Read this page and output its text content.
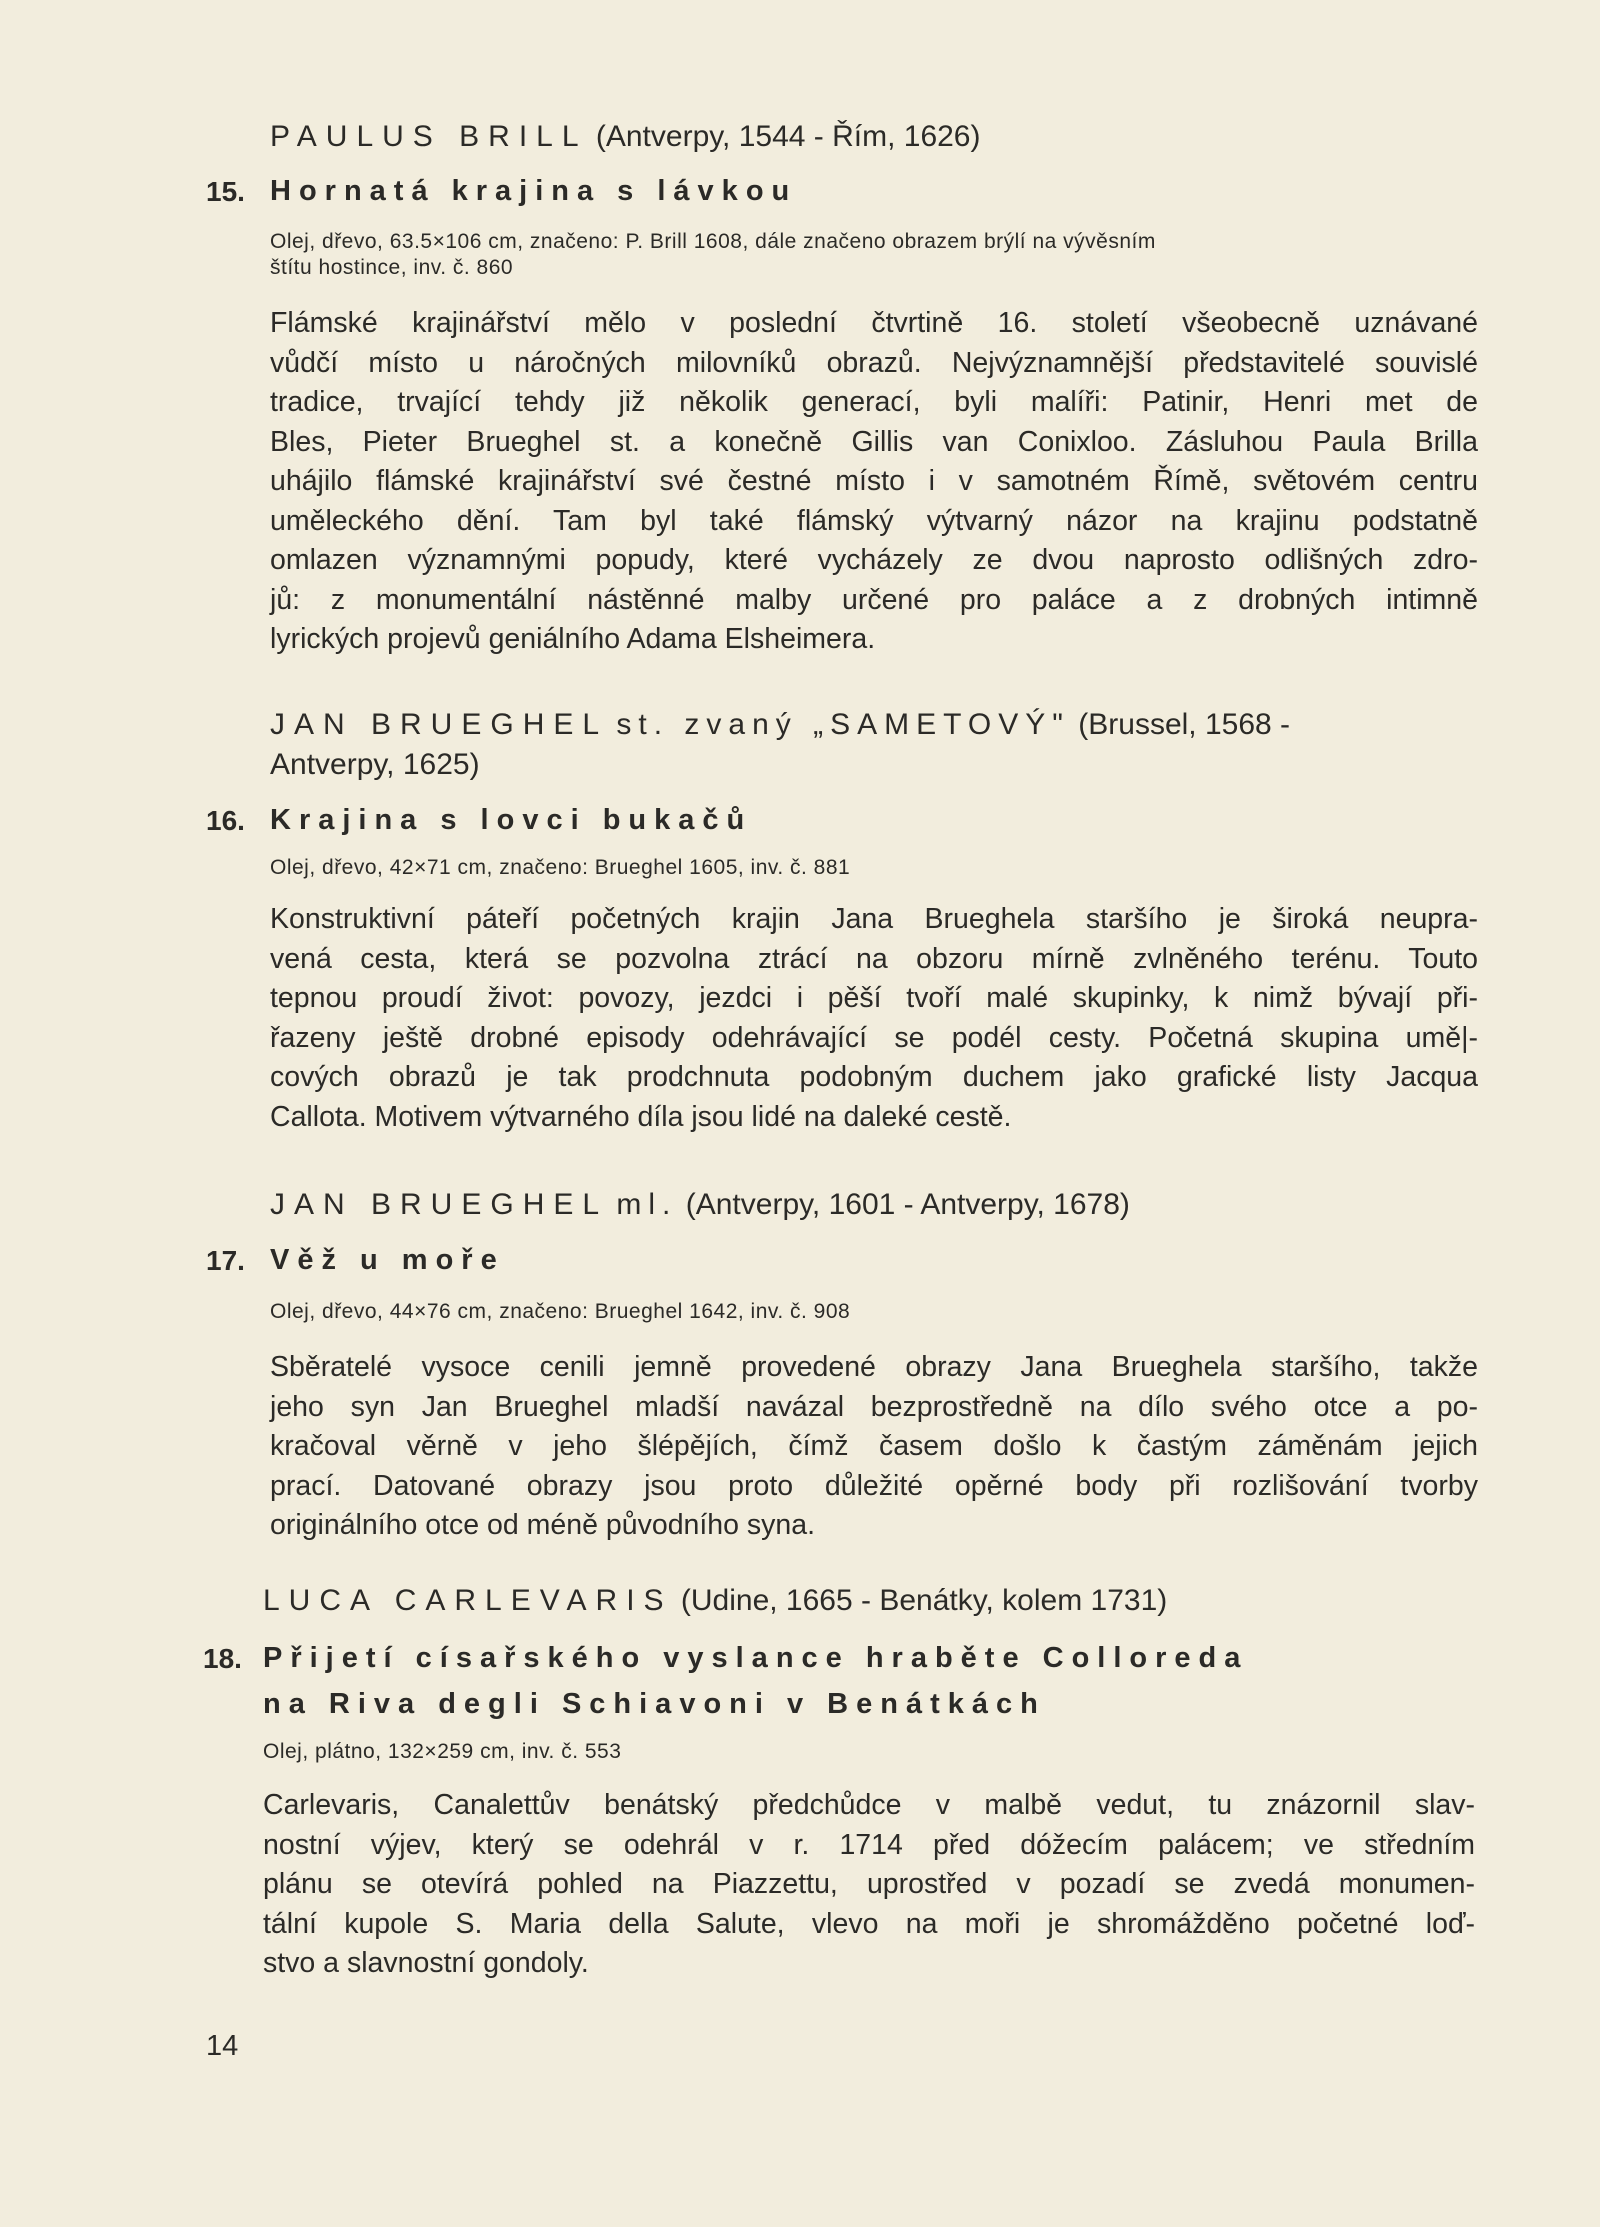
PAULUS BRILL (Antverpy, 1544 - Řím, 1626)
15. Hornatá krajina s lávkou
Olej, dřevo, 63.5×106 cm, značeno: P. Brill 1608, dále značeno obrazem brýlí na vývěsním
štítu hostince, inv. č. 860
Flámské krajinářství mělo v poslední čtvrtině 16. století všeobecně uznávané
vůdčí místo u náročných milovníků obrazů. Nejvýznamnější představitelé souvislé
tradice, trvající tehdy již několik generací, byli malíři: Patinir, Henri met de
Bles, Pieter Brueghel st. a konečně Gillis van Conixloo. Zásluhou Paula Brilla
uhájilo flámské krajinářství své čestné místo i v samotném Římě, světovém centru
uměleckého dění. Tam byl také flámský výtvarný názor na krajinu podstatně
omlazen významnými popudy, které vycházely ze dvou naprosto odlišných zdro-
jů: z monumentální nástěnné malby určené pro paláce a z drobných intimně
lyrických projevů geniálního Adama Elsheimera.
JAN BRUEGHEL st. zvaný „SAMETOVÝ" (Brussel, 1568 -
Antverpy, 1625)
16. Krajina s lovci bukačů
Olej, dřevo, 42×71 cm, značeno: Brueghel 1605, inv. č. 881
Konstruktivní páteří početných krajin Jana Brueghela staršího je široká neupra-
vená cesta, která se pozvolna ztrácí na obzoru mírně zvlněného terénu. Touto
tepnou proudí život: povozy, jezdci i pěší tvoří malé skupinky, k nimž bývají při-
řazeny ještě drobné episody odehrávající se podél cesty. Početná skupina umě|-
cových obrazů je tak prodchnuta podobným duchem jako grafické listy Jacqua
Callota. Motivem výtvarného díla jsou lidé na daleké cestě.
JAN BRUEGHEL ml. (Antverpy, 1601 - Antverpy, 1678)
17. Věž u moře
Olej, dřevo, 44×76 cm, značeno: Brueghel 1642, inv. č. 908
Sběratelé vysoce cenili jemně provedené obrazy Jana Brueghela staršího, takže
jeho syn Jan Brueghel mladší navázal bezprostředně na dílo svého otce a po-
kračoval věrně v jeho šlépějích, čímž časem došlo k častým záměnám jejich
prací. Datované obrazy jsou proto důležité opěrné body při rozlišování tvorby
originálního otce od méně původního syna.
LUCA CARLEVARIS (Udine, 1665 - Benátky, kolem 1731)
18. Přijetí císařského vyslance hraběte Colloreda
na Riva degli Schiavoni v Benátkách
Olej, plátno, 132×259 cm, inv. č. 553
Carlevaris, Canalettův benátský předchůdce v malbě vedut, tu znázornil slav-
nostní výjev, který se odehrál v r. 1714 před dóžecím palácem; ve středním
plánu se otevírá pohled na Piazzettu, uprostřed v pozadí se zvedá monumen-
tální kupole S. Maria della Salute, vlevo na moři je shromážděno početné loď-
stvo a slavnostní gondoly.
14
